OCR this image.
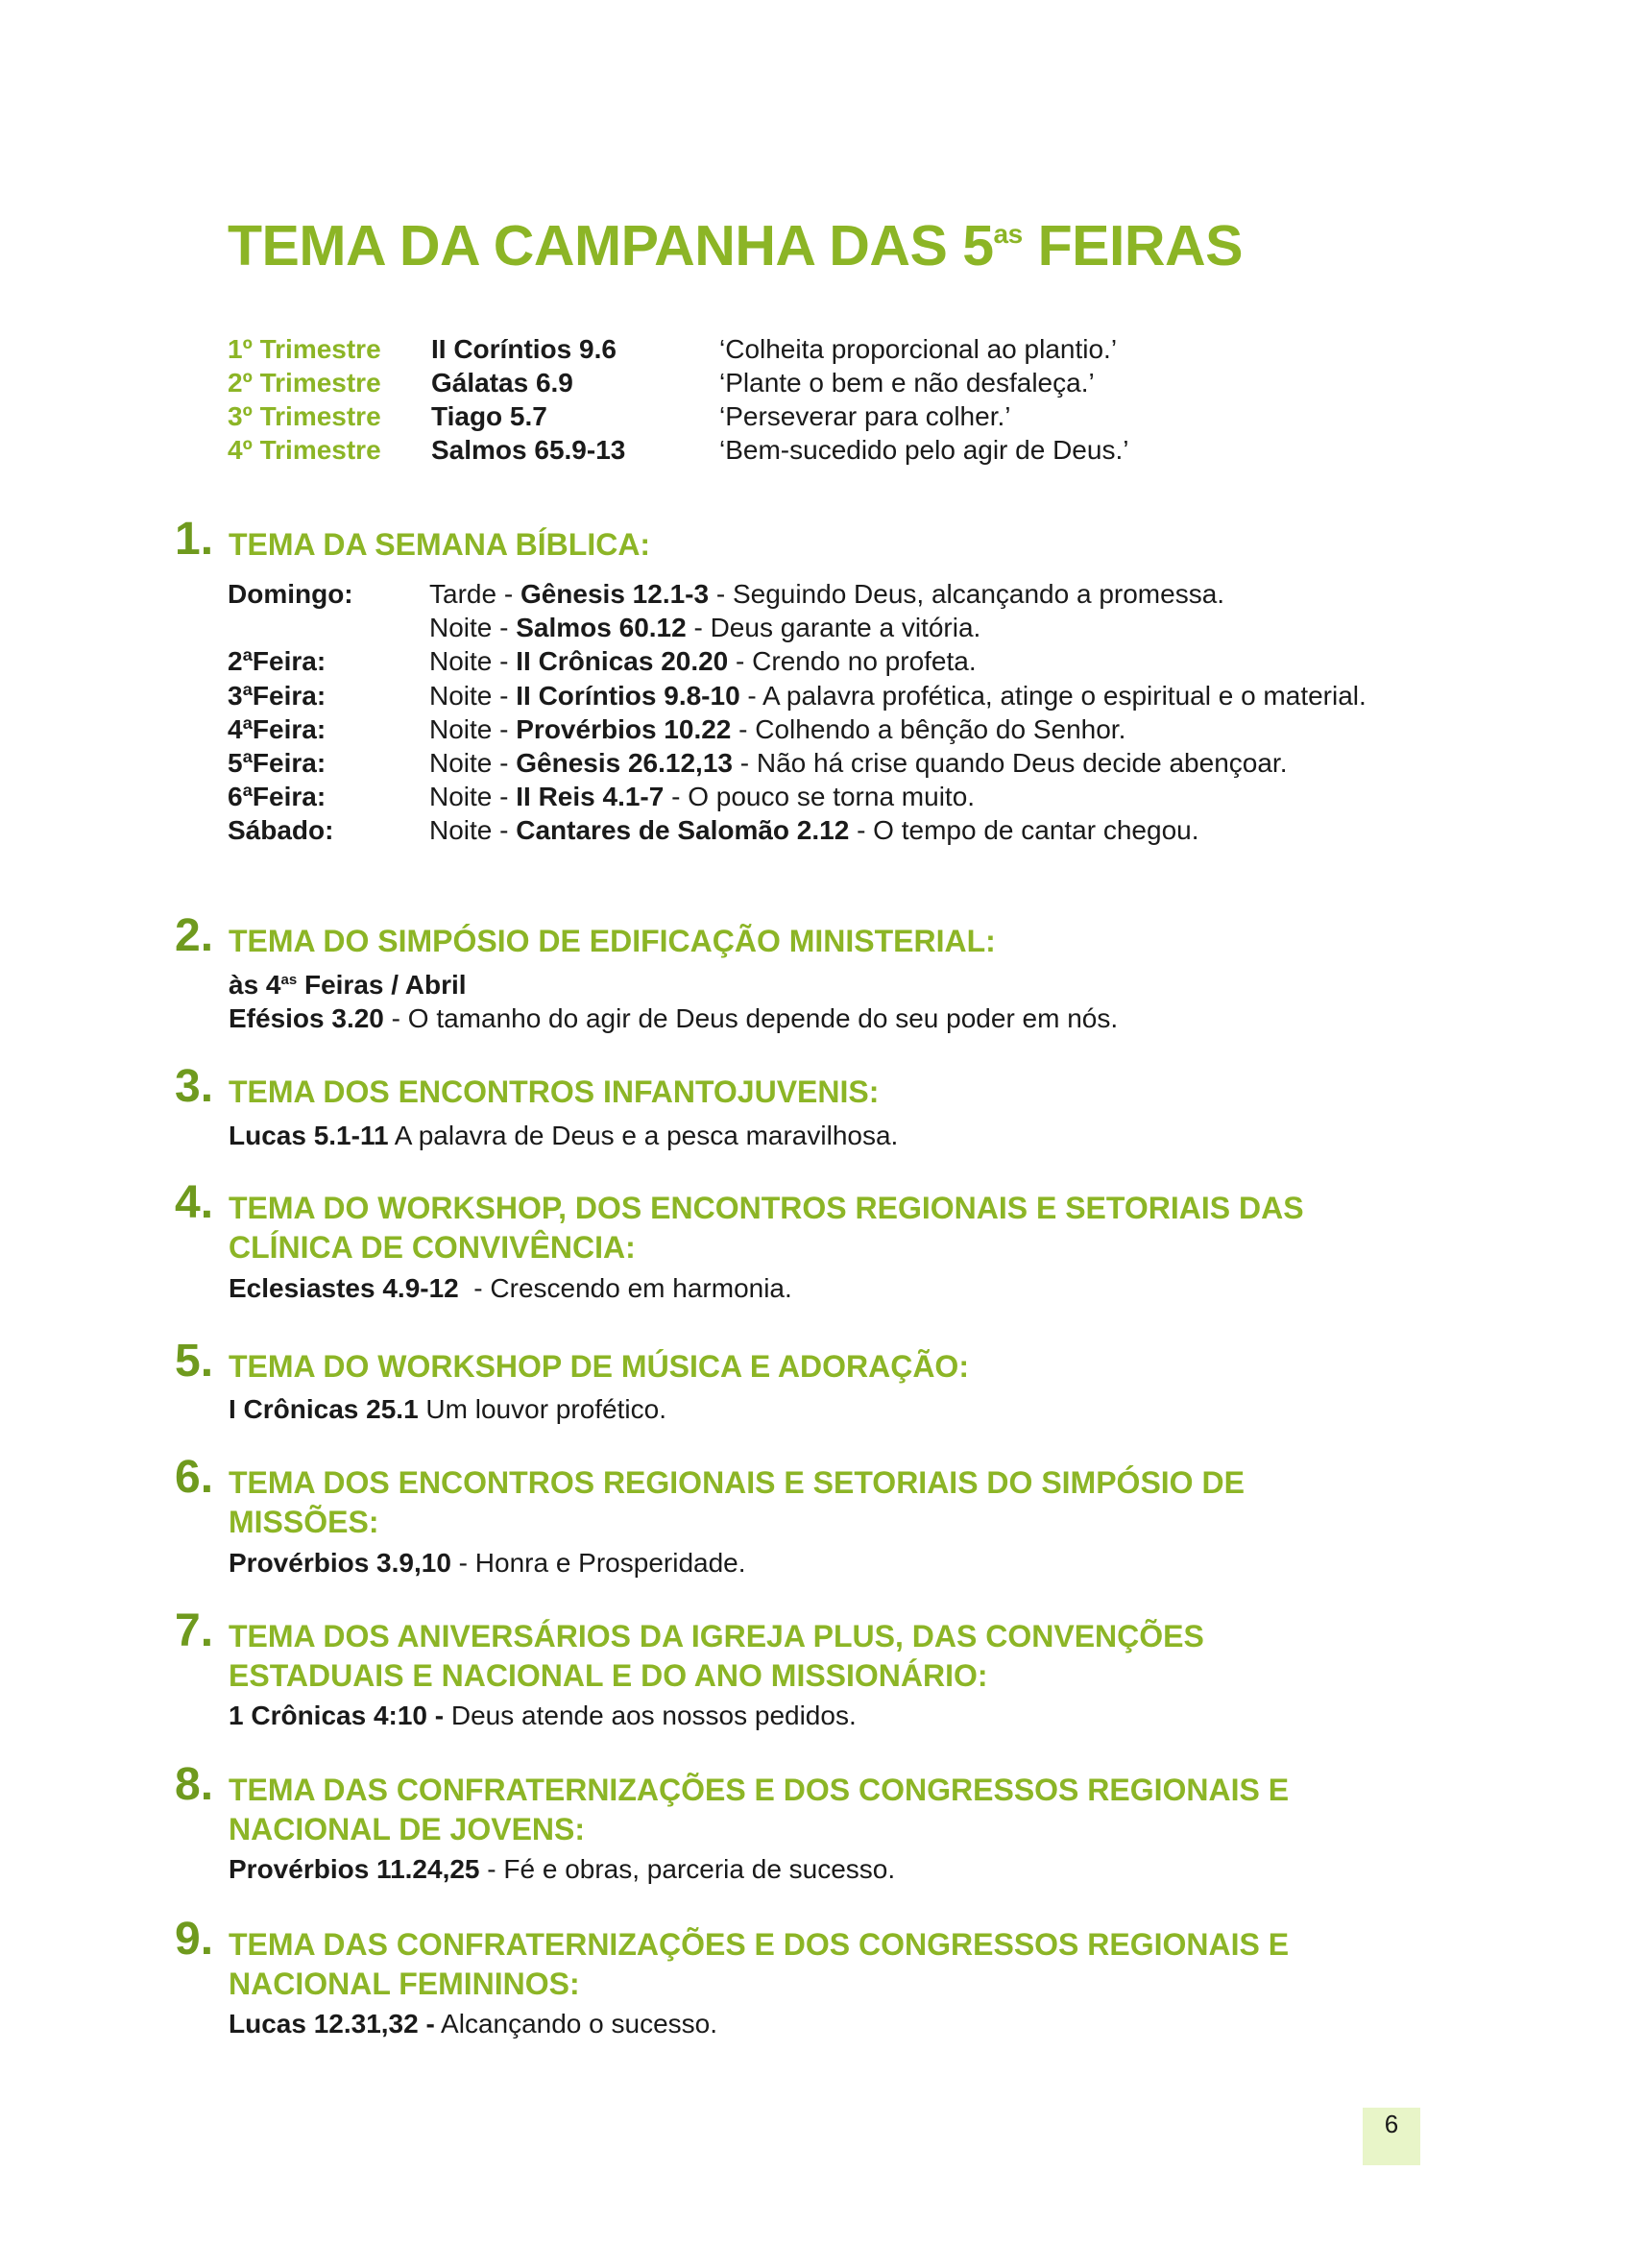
TEMA DA CAMPANHA DAS $5^{as}$ FEIRAS
1º Trimestre II Coríntios 9.6	‘Colheita proporcional ao plantio.’
2º Trimestre Gálatas 6.9	‘Plante o bem e não desfaleça.’
3º Trimestre Tiago 5.7	‘Perseverar para colher.’
4º Trimestre Salmos 65.9-13	‘Bem-sucedido pelo agir de Deus.’
1. TEMA DA SEMANA BÍBLICA:
Domingo:	Tarde - Gênesis 12.1-3 - Seguindo Deus, alcançando a promessa.
Noite - Salmos 60.12 - Deus garante a vitória.
2ªFeira:	Noite - II Crônicas 20.20 - Crendo no profeta.
3ªFeira:	Noite - II Coríntios 9.8-10 - A palavra profética, atinge o espiritual e o material.
4ªFeira:	Noite - Provérbios 10.22 - Colhendo a bênção do Senhor.
5ªFeira:	Noite - Gênesis 26.12,13 - Não há crise quando Deus decide abençoar.
6ªFeira:	Noite - II Reis 4.1-7 - O pouco se torna muito.
Sábado:	Noite - Cantares de Salomão 2.12 - O tempo de cantar chegou.
2. TEMA DO SIMPÓSIO DE EDIFICAÇÃO MINISTERIAL:
às $4^{as}$ Feiras / Abril
Efésios 3.20 - O tamanho do agir de Deus depende do seu poder em nós.
3. TEMA DOS ENCONTROS INFANTOJUVENIS:
Lucas 5.1-11 A palavra de Deus e a pesca maravilhosa.
4. TEMA DO WORKSHOP, DOS ENCONTROS REGIONAIS E SETORIAIS DAS
CLÍNICA DE CONVIVÊNCIA:
Eclesiastes 4.9-12  - Crescendo em harmonia.
5. TEMA DO WORKSHOP DE MÚSICA E ADORAÇÃO:
I Crônicas 25.1 Um louvor profético.
6. TEMA DOS ENCONTROS REGIONAIS E SETORIAIS DO SIMPÓSIO DE
MISSÕES:
Provérbios 3.9,10 - Honra e Prosperidade.
7. TEMA DOS ANIVERSÁRIOS DA IGREJA PLUS, DAS CONVENÇÕES
ESTADUAIS E NACIONAL E DO ANO MISSIONÁRIO:
1 Crônicas 4:10 - Deus atende aos nossos pedidos.
8. TEMA DAS CONFRATERNIZAÇÕES E DOS CONGRESSOS REGIONAIS E
NACIONAL DE JOVENS:
Provérbios 11.24,25 - Fé e obras, parceria de sucesso.
9. TEMA DAS CONFRATERNIZAÇÕES E DOS CONGRESSOS REGIONAIS E
NACIONAL FEMININOS:
Lucas 12.31,32 - Alcançando o sucesso.
6
